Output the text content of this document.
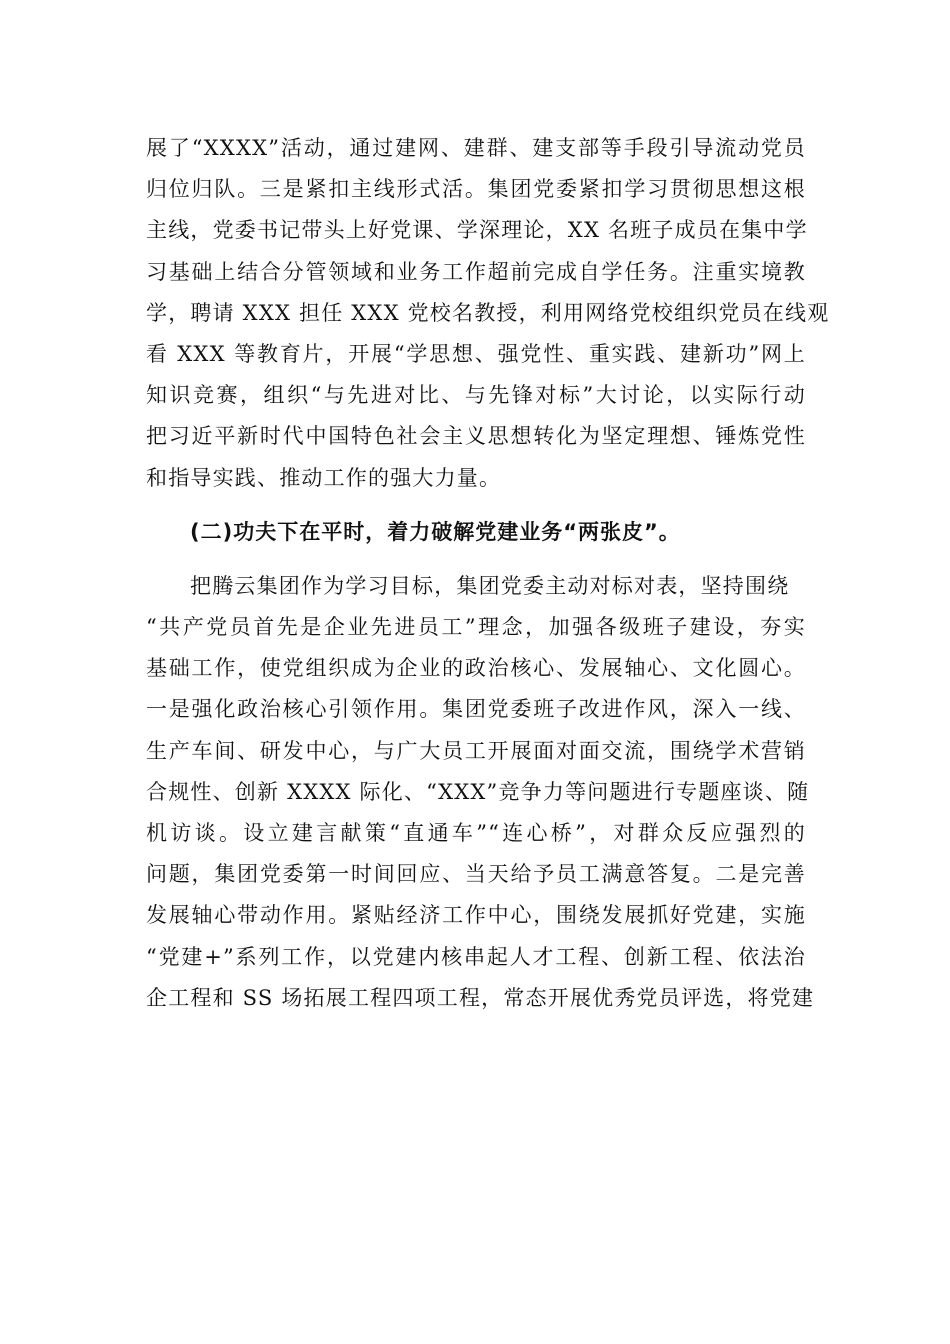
展了“XXXX”活动，通过建网、建群、建支部等手段引导流动党员
归位归队。三是紧扣主线形式活。集团党委紧扣学习贯彻思想这根
主线，党委书记带头上好党课、学深理论，XX 名班子成员在集中学
习基础上结合分管领域和业务工作超前完成自学任务。注重实境教
学，聘请 XXX 担任 XXX 党校名教授，利用网络党校组织党员在线观
看 XXX 等教育片，开展“学思想、强党性、重实践、建新功”网上
知识竞赛，组织“与先进对比、与先锋对标”大讨论，以实际行动
把习近平新时代中国特色社会主义思想转化为坚定理想、锤炼党性
和指导实践、推动工作的强大力量。
(二)功夫下在平时，着力破解党建业务“两张皮”。
把腾云集团作为学习目标，集团党委主动对标对表，坚持围绕
“共产党员首先是企业先进员工”理念，加强各级班子建设，夯实
基础工作，使党组织成为企业的政治核心、发展轴心、文化圆心。
一是强化政治核心引领作用。集团党委班子改进作风，深入一线、
生产车间、研发中心，与广大员工开展面对面交流，围绕学术营销
合规性、创新 XXXX 际化、“XXX”竞争力等问题进行专题座谈、随
机访谈。设立建言献策“直通车”“连心桥”，对群众反应强烈的
问题，集团党委第一时间回应、当天给予员工满意答复。二是完善
发展轴心带动作用。紧贴经济工作中心，围绕发展抓好党建，实施
“党建+”系列工作，以党建内核串起人才工程、创新工程、依法治
企工程和 SS 场拓展工程四项工程，常态开展优秀党员评选，将党建
